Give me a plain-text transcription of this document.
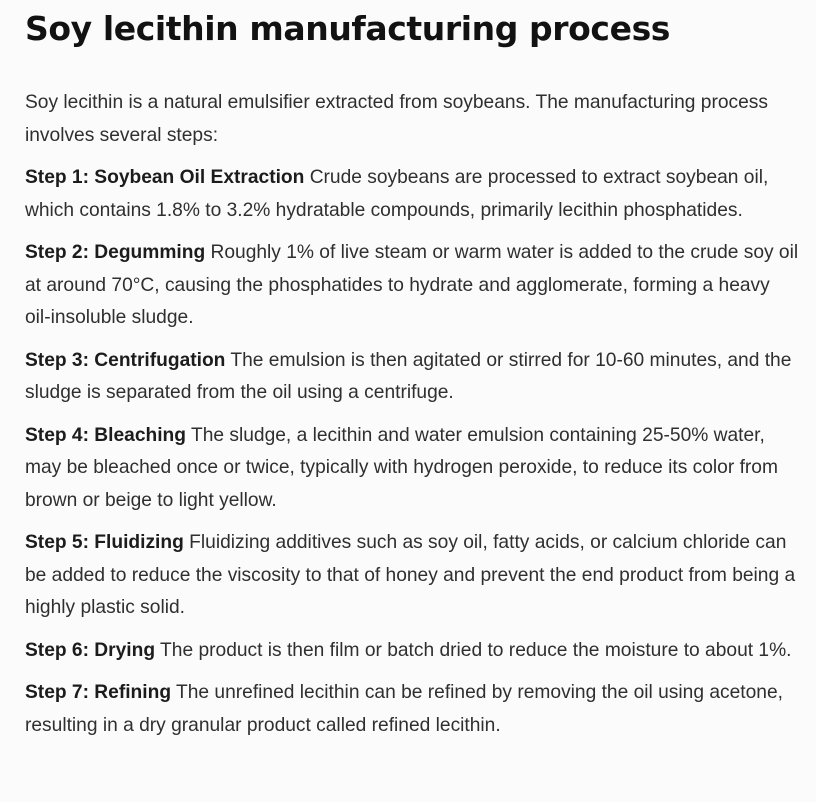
Soy lecithin manufacturing process

Soy lecithin is a natural emulsifier extracted from soybeans. The manufacturing process involves several steps:

Step 1: Soybean Oil Extraction Crude soybeans are processed to extract soybean oil, which contains 1.8% to 3.2% hydratable compounds, primarily lecithin phosphatides.

Step 2: Degumming Roughly 1% of live steam or warm water is added to the crude soy oil at around 70°C, causing the phosphatides to hydrate and agglomerate, forming a heavy oil-insoluble sludge.

Step 3: Centrifugation The emulsion is then agitated or stirred for 10-60 minutes, and the sludge is separated from the oil using a centrifuge.

Step 4: Bleaching The sludge, a lecithin and water emulsion containing 25-50% water, may be bleached once or twice, typically with hydrogen peroxide, to reduce its color from brown or beige to light yellow.

Step 5: Fluidizing Fluidizing additives such as soy oil, fatty acids, or calcium chloride can be added to reduce the viscosity to that of honey and prevent the end product from being a highly plastic solid.

Step 6: Drying The product is then film or batch dried to reduce the moisture to about 1%.

Step 7: Refining The unrefined lecithin can be refined by removing the oil using acetone, resulting in a dry granular product called refined lecithin.
